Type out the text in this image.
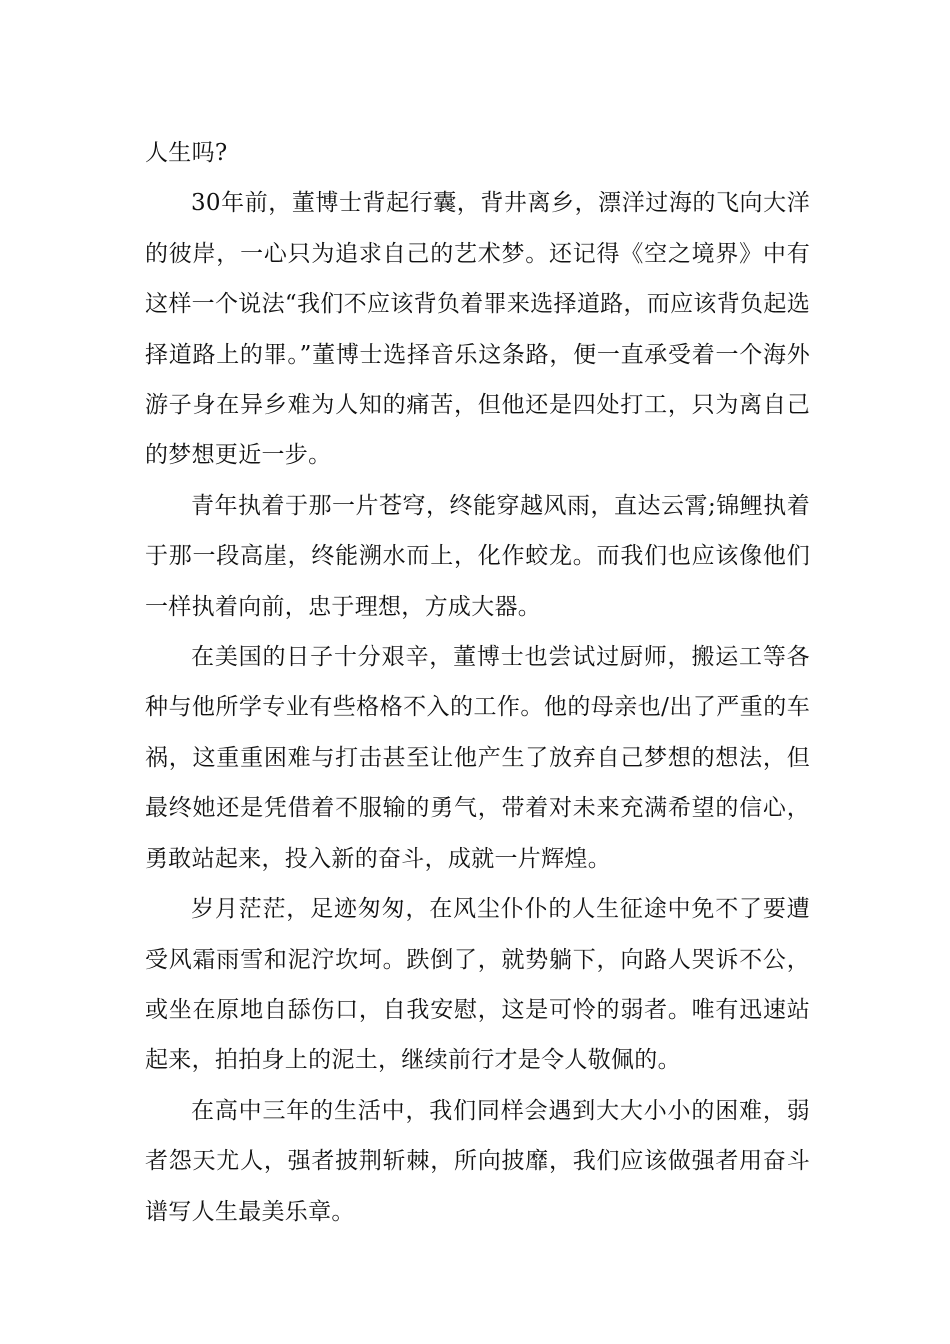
人生吗?

30年前，董博士背起行囊，背井离乡，漂洋过海的飞向大洋的彼岸，一心只为追求自己的艺术梦。还记得《空之境界》中有这样一个说法“我们不应该背负着罪来选择道路，而应该背负起选择道路上的罪。”董博士选择音乐这条路，便一直承受着一个海外游子身在异乡难为人知的痛苦，但他还是四处打工，只为离自己的梦想更近一步。

青年执着于那一片苍穹，终能穿越风雨，直达云霄;锦鲤执着于那一段高崖，终能溯水而上，化作蛟龙。而我们也应该像他们一样执着向前，忠于理想，方成大器。

在美国的日子十分艰辛，董博士也尝试过厨师，搬运工等各种与他所学专业有些格格不入的工作。他的母亲也/出了严重的车祸，这重重困难与打击甚至让他产生了放弃自己梦想的想法，但最终她还是凭借着不服输的勇气，带着对未来充满希望的信心，勇敢站起来，投入新的奋斗，成就一片辉煌。

岁月茫茫，足迹匆匆，在风尘仆仆的人生征途中免不了要遭受风霜雨雪和泥泞坎坷。跌倒了，就势躺下，向路人哭诉不公，或坐在原地自舔伤口，自我安慰，这是可怜的弱者。唯有迅速站起来，拍拍身上的泥土，继续前行才是令人敬佩的。

在高中三年的生活中，我们同样会遇到大大小小的困难，弱者怨天尤人，强者披荆斩棘，所向披靡，我们应该做强者用奋斗谱写人生最美乐章。
